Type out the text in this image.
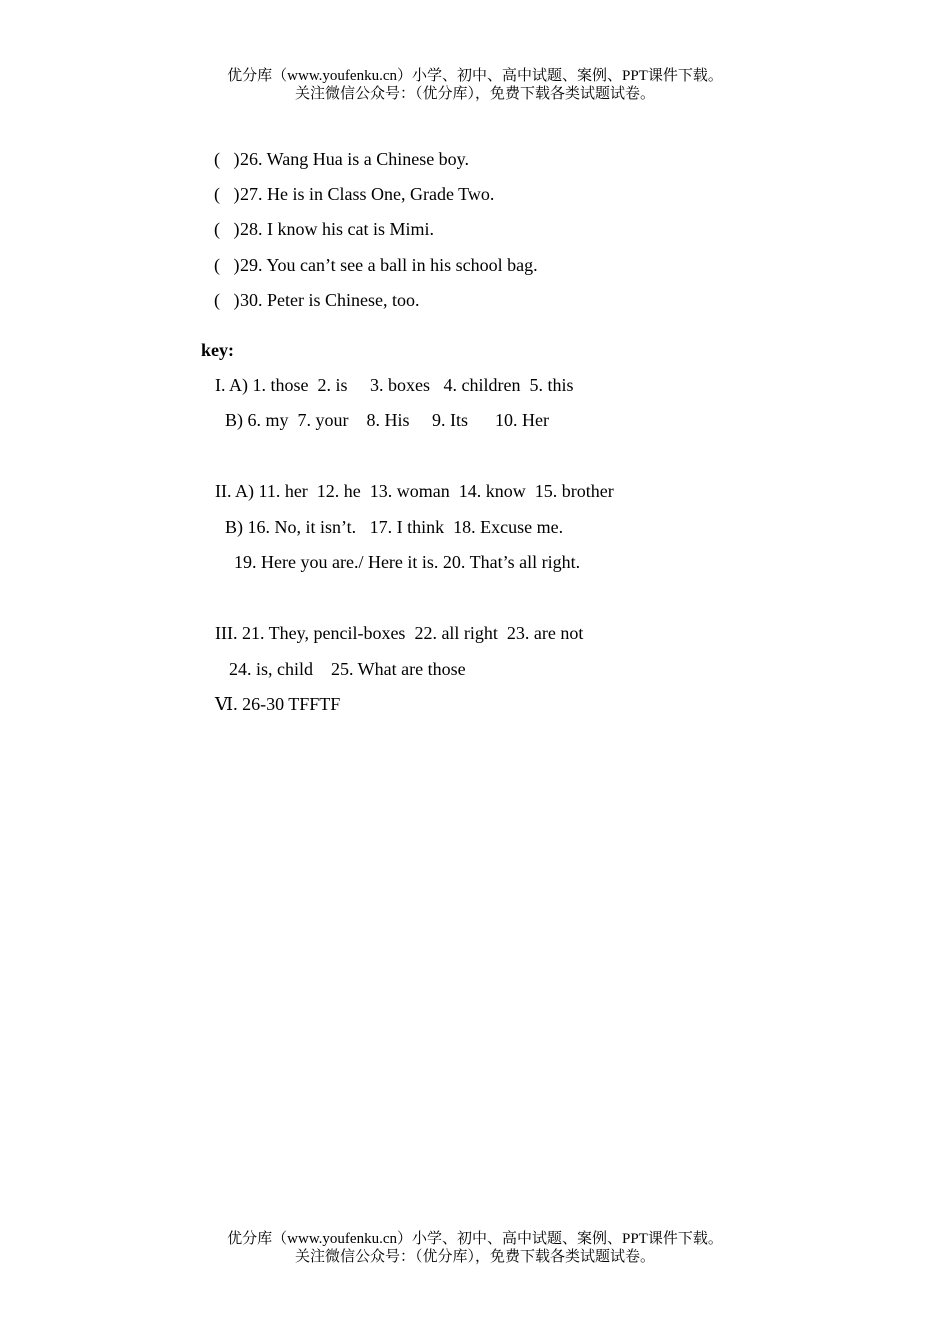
优分库（www.youfenku.cn）小学、初中、高中试题、案例、PPT课件下载。
关注微信公众号：（优分库），免费下载各类试题试卷。

(   )26. Wang Hua is a Chinese boy.

(   )27. He is in Class One, Grade Two.

(   )28. I know his cat is Mimi.

(   )29. You can’t see a ball in his school bag.

(   )30. Peter is Chinese, too.

key:
I. A) 1. those  2. is     3. boxes   4. children  5. this
B) 6. my  7. your    8. His     9. Its      10. Her
II. A) 11. her  12. he  13. woman  14. know  15. brother
B) 16. No, it isn’t.   17. I think  18. Excuse me.
19. Here you are./ Here it is. 20. That’s all right.
III. 21. They, pencil-boxes  22. all right  23. are not
24. is, child    25. What are those
Ⅵ. 26-30 TFFTF
优分库（www.youfenku.cn）小学、初中、高中试题、案例、PPT课件下载。
关注微信公众号：（优分库），免费下载各类试题试卷。
